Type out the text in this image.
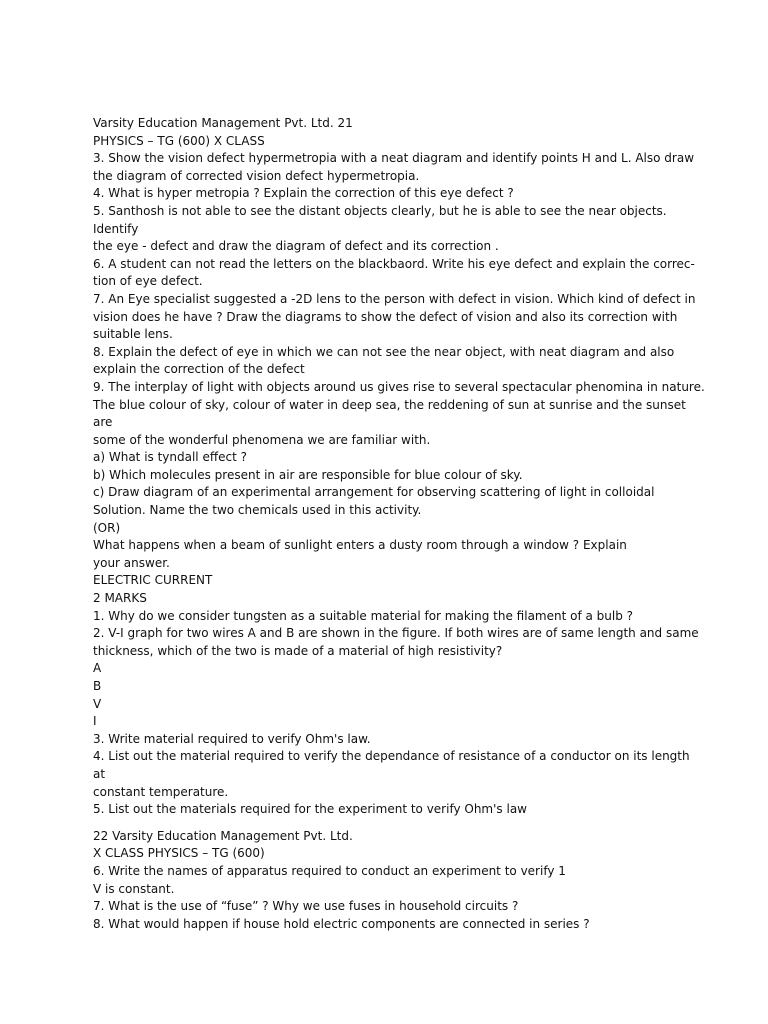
Varsity Education Management Pvt. Ltd. 21
PHYSICS – TG (600) X CLASS
3. Show the vision defect hypermetropia with a neat diagram and identify points H and L. Also draw
the diagram of corrected vision defect hypermetropia.
4. What is hyper metropia ? Explain the correction of this eye defect ?
5. Santhosh is not able to see the distant objects clearly, but he is able to see the near objects.
Identify
the eye - defect and draw the diagram of defect and its correction .
6. A student can not read the letters on the blackbaord. Write his eye defect and explain the correc-
tion of eye defect.
7. An Eye specialist suggested a -2D lens to the person with defect in vision. Which kind of defect in
vision does he have ? Draw the diagrams to show the defect of vision and also its correction with
suitable lens.
8. Explain the defect of eye in which we can not see the near object, with neat diagram and also
explain the correction of the defect
9. The interplay of light with objects around us gives rise to several spectacular phenomina in nature.
The blue colour of sky, colour of water in deep sea, the reddening of sun at sunrise and the sunset
are
some of the wonderful phenomena we are familiar with.
a) What is tyndall effect ?
b) Which molecules present in air are responsible for blue colour of sky.
c) Draw diagram of an experimental arrangement for observing scattering of light in colloidal
Solution. Name the two chemicals used in this activity.
(OR)
What happens when a beam of sunlight enters a dusty room through a window ? Explain
your answer.
ELECTRIC CURRENT
2 MARKS
1. Why do we consider tungsten as a suitable material for making the filament of a bulb ?
2. V-I graph for two wires A and B are shown in the figure. If both wires are of same length and same
thickness, which of the two is made of a material of high resistivity?
A
B
V
I
3. Write material required to verify Ohm's law.
4. List out the material required to verify the dependance of resistance of a conductor on its length
at
constant temperature.
5. List out the materials required for the experiment to verify Ohm's law
22 Varsity Education Management Pvt. Ltd.
X CLASS PHYSICS – TG (600)
6. Write the names of apparatus required to conduct an experiment to verify 1
V is constant.
7. What is the use of “fuse” ? Why we use fuses in household circuits ?
8. What would happen if house hold electric components are connected in series ?
